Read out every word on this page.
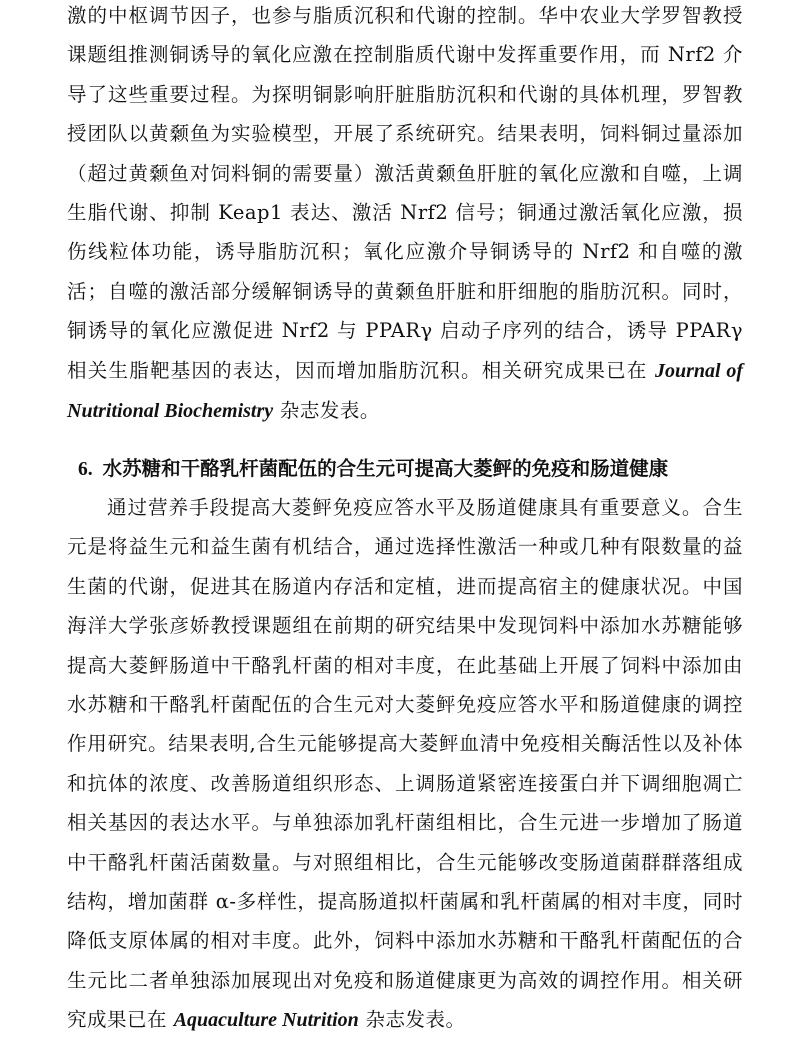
激的中枢调节因子，也参与脂质沉积和代谢的控制。华中农业大学罗智教授课题组推测铜诱导的氧化应激在控制脂质代谢中发挥重要作用，而 Nrf2 介导了这些重要过程。为探明铜影响肝脏脂肪沉积和代谢的具体机理，罗智教授团队以黄颡鱼为实验模型，开展了系统研究。结果表明，饲料铜过量添加（超过黄颡鱼对饲料铜的需要量）激活黄颡鱼肝脏的氧化应激和自噬，上调生脂代谢、抑制 Keap1 表达、激活 Nrf2 信号；铜通过激活氧化应激，损伤线粒体功能，诱导脂肪沉积；氧化应激介导铜诱导的 Nrf2 和自噬的激活；自噬的激活部分缓解铜诱导的黄颡鱼肝脏和肝细胞的脂肪沉积。同时，铜诱导的氧化应激促进 Nrf2 与 PPARγ 启动子序列的结合，诱导 PPARγ 相关生脂靶基因的表达，因而增加脂肪沉积。相关研究成果已在 Journal of Nutritional Biochemistry 杂志发表。

6. 水苏糖和干酪乳杆菌配伍的合生元可提高大菱鲆的免疫和肠道健康

通过营养手段提高大菱鲆免疫应答水平及肠道健康具有重要意义。合生元是将益生元和益生菌有机结合，通过选择性激活一种或几种有限数量的益生菌的代谢，促进其在肠道内存活和定植，进而提高宿主的健康状况。中国海洋大学张彦娇教授课题组在前期的研究结果中发现饲料中添加水苏糖能够提高大菱鲆肠道中干酪乳杆菌的相对丰度，在此基础上开展了饲料中添加由水苏糖和干酪乳杆菌配伍的合生元对大菱鲆免疫应答水平和肠道健康的调控作用研究。结果表明,合生元能够提高大菱鲆血清中免疫相关酶活性以及补体和抗体的浓度、改善肠道组织形态、上调肠道紧密连接蛋白并下调细胞凋亡相关基因的表达水平。与单独添加乳杆菌组相比，合生元进一步增加了肠道中干酪乳杆菌活菌数量。与对照组相比，合生元能够改变肠道菌群群落组成结构，增加菌群 α-多样性，提高肠道拟杆菌属和乳杆菌属的相对丰度，同时降低支原体属的相对丰度。此外，饲料中添加水苏糖和干酪乳杆菌配伍的合生元比二者单独添加展现出对免疫和肠道健康更为高效的调控作用。相关研究成果已在 Aquaculture Nutrition 杂志发表。
